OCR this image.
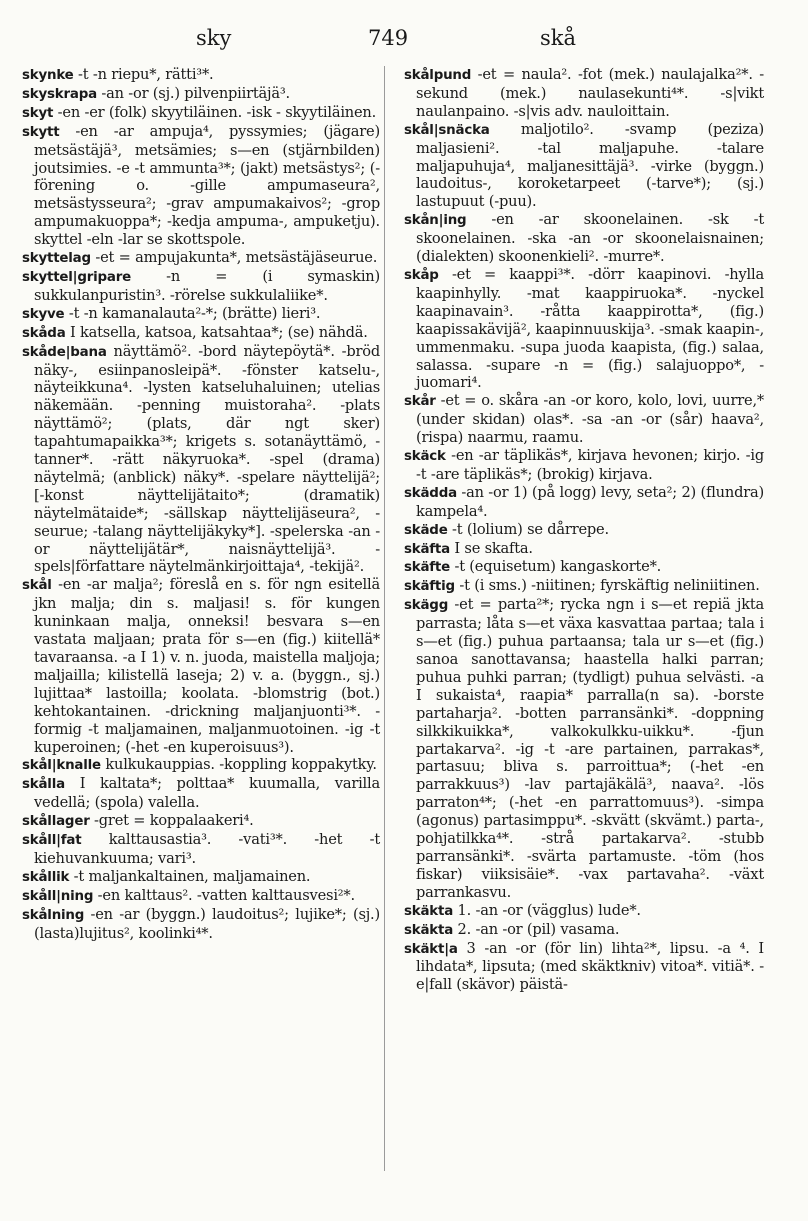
sky	749	skå

skynke -t -n riepu*, rätti³*.

skyskrapa -an -or (sj.) pilvenpiirtäjä³.

skyt -en -er (folk) skyytiläinen. -isk - skyytiläinen.

skytt -en -ar ampuja⁴, pyssymies; (jägare) metsästäjä³, metsämies; s—en (stjärnbilden) joutsimies. -e -t ammunta³*; (jakt) metsästys²; (-förening o. -gille ampumaseura², metsästysseura²; -grav ampumakaivos²; -grop ampumakuoppa*; -kedja ampuma-, ampuketju). skyttel -eln -lar se skottspole.

skyttelag -et = ampujakunta*, metsästäjäseurue.

skyttel|gripare -n = (i symaskin) sukkulanpuristin³. -rörelse sukkulaliike*.

skyve -t -n kamanalauta²-*; (brätte) lieri³.

skåda I katsella, katsoa, katsahtaa*; (se) nähdä.

skåde|bana näyttämö². -bord näytepöytä*. -bröd näky-, esiinpanosleipä*. -fönster katselu-, näyteikkuna⁴. -lysten katseluhaluinen; utelias näkemään. -penning muistoraha². -plats näyttämö²; (plats, där ngt sker) tapahtumapaikka³*; krigets s. sotanäyttämö, -tanner*. -rätt näkyruoka*. -spel (drama) näytelmä; (anblick) näky*. -spelare näyttelijä²; [-konst näyttelijätaito*; (dramatik) näytelmätaide*; -sällskap näyttelijäseura², -seurue; -talang näyttelijäkyky*]. -spelerska -an -or näyttelijätär*, naisnäyttelijä³. -spels|författare näytelmänkirjoittaja⁴, -tekijä².

skål -en -ar malja²; föreslå en s. för ngn esitellä jkn malja; din s. maljasi! s. för kungen kuninkaan malja, onneksi! besvara s—en vastata maljaan; prata för s—en (fig.) kiitellä* tavaraansa. -a I 1) v. n. juoda, maistella maljoja; maljailla; kilistellä laseja; 2) v. a. (byggn., sj.) lujittaa* lastoilla; koolata. -blomstrig (bot.) kehtokantainen. -drickning maljanjuonti³*. -formig -t maljamainen, maljanmuotoinen. -ig -t kuperoinen; (-het -en kuperoisuus³).

skål|knalle kulkukauppias. -koppling koppakytky.

skålla I kaltata*; polttaa* kuumalla, varilla vedellä; (spola) valella.

skållager -gret = koppalaakeri⁴.

skåll|fat kalttausastia³. -vati³*. -het -t kiehuvankuuma; vari³.

skållik -t maljankaltainen, maljamainen.

skåll|ning -en kalttaus². -vatten kalttausvesi²*.

skålning -en -ar (byggn.) laudoitus²; lujike*; (sj.) (lasta)lujitus², koolinki⁴*.

skålpund -et = naula². -fot (mek.) naulajalka²*. -sekund (mek.) naulasekunti⁴*. -s|vikt naulanpaino. -s|vis adv. nauloittain.

skål|snäcka maljotilo². -svamp (peziza) maljasieni². -tal maljapuhe. -talare maljapuhuja⁴, maljanesittäjä³. -virke (byggn.) laudoitus-, koroketarpeet (-tarve*); (sj.) lastupuut (-puu).

skån|ing -en -ar skoonelainen. -sk -t skoonelainen. -ska -an -or skoonelaisnainen; (dialekten) skoonenkieli². -murre*.

skåp -et = kaappi³*. -dörr kaapinovi. -hylla kaapinhylly. -mat kaappiruoka*. -nyckel kaapinavain³. -råtta kaappirotta*, (fig.) kaapissakävijä², kaapinnuuskija³. -smak kaapin-, ummenmaku. -supa juoda kaapista, (fig.) salaa, salassa. -supare -n = (fig.) salajuoppo*, -juomari⁴.

skår -et = o. skåra -an -or koro, kolo, lovi, uurre,* (under skidan) olas*. -sa -an -or (sår) haava², (rispa) naarmu, raamu.

skäck -en -ar täplikäs*, kirjava hevonen; kirjo. -ig -t -are täplikäs*; (brokig) kirjava.

skädda -an -or 1) (på logg) levy, seta²; 2) (flundra) kampela⁴.

skäde -t (lolium) se dårrepe.

skäfta I se skafta.

skäfte -t (equisetum) kangaskorte*.

skäftig -t (i sms.) -niitinen; fyrskäftig neliniitinen.

skägg -et = parta²*; rycka ngn i s—et repiä jkta parrasta; låta s—et växa kasvattaa partaa; tala i s—et (fig.) puhua partaansa; tala ur s—et (fig.) sanoa sanottavansa; haastella halki parran; puhua puhki parran; (tydligt) puhua selvästi. -a I sukaista⁴, raapia* parralla(n sa). -borste partaharja². -botten parransänki*. -doppning silkkikuikka*, valkokulkku-uikku*. -fjun partakarva². -ig -t -are partainen, parrakas*, partasuu; bliva s. parroittua*; (-het -en parrakkuus³) -lav partajäkälä³, naava². -lös parraton⁴*; (-het -en parrattomuus³). -simpa (agonus) partasimppu*. -skvätt (skvämt.) parta-, pohjatilkka⁴*. -strå partakarva². -stubb parransänki*. -svärta partamuste. -töm (hos fiskar) viiksisäie*. -vax partavaha². -växt parrankasvu.

skäkta 1. -an -or (vägglus) lude*.

skäkta 2. -an -or (pil) vasama.

skäkt|a 3 -an -or (för lin) lihta²*, lipsu. -a ⁴. I lihdata*, lipsuta; (med skäktkniv) vitoa*. vitiä*. -e|fall (skävor) päistä-
